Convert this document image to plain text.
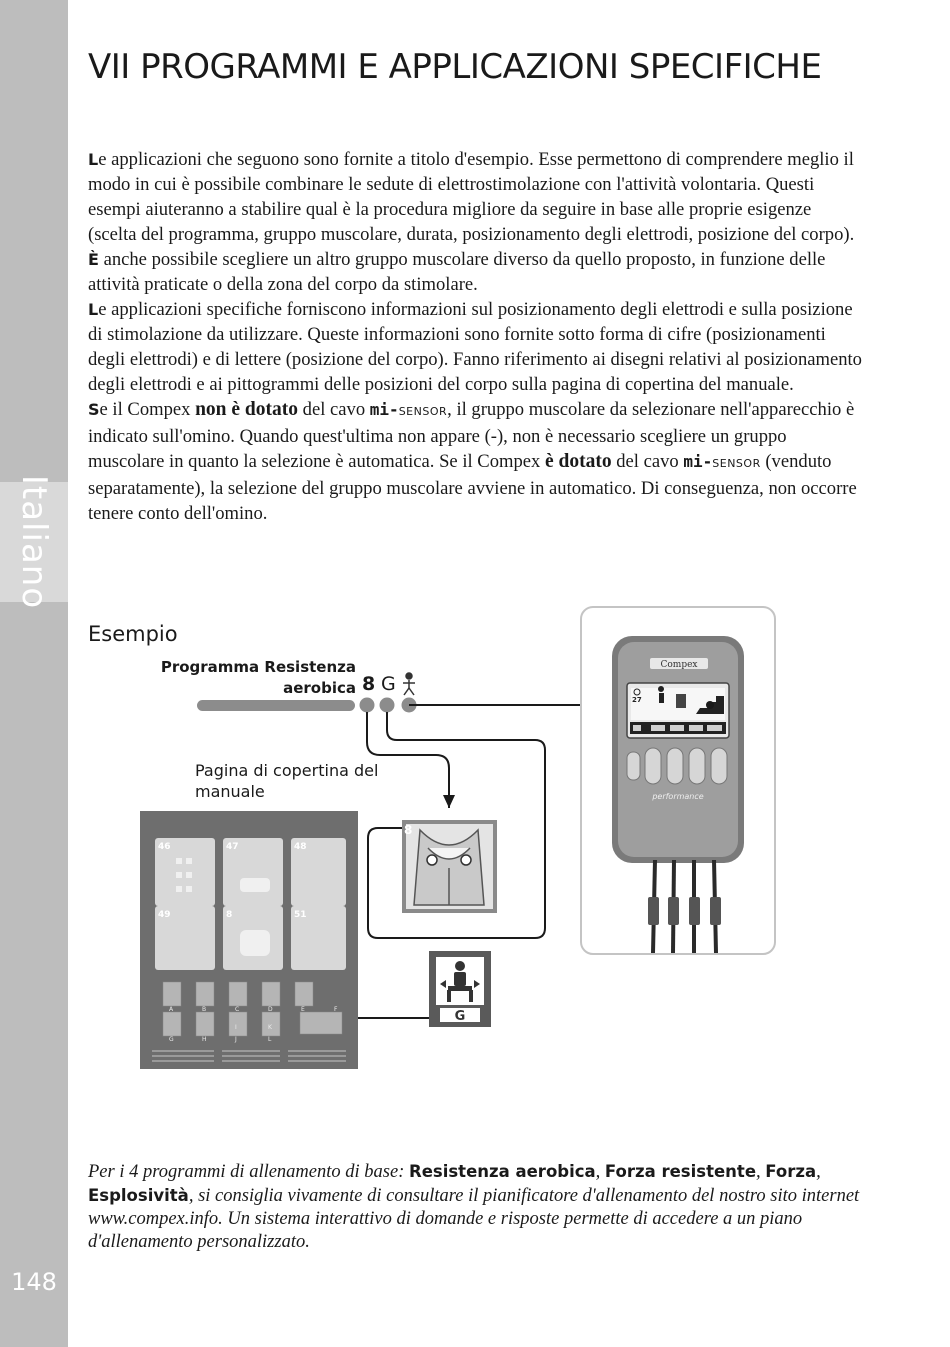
Italiano
148
VII PROGRAMMI E APPLICAZIONI SPECIFICHE

Le applicazioni che seguono sono fornite a titolo d'esempio. Esse permettono di comprendere meglio il modo in cui è possibile combinare le sedute di elettrostimolazione con l'attività volontaria. Questi esempi aiuteranno a stabilire qual è la procedura migliore da seguire in base alle proprie esigenze (scelta del programma, gruppo muscolare, durata, posizionamento degli elettrodi, posizione del corpo).

È anche possibile scegliere un altro gruppo muscolare diverso da quello proposto, in funzione delle attività praticate o della zona del corpo da stimolare.

Le applicazioni specifiche forniscono informazioni sul posizionamento degli elettrodi e sulla posizione di stimolazione da utilizzare. Queste informazioni sono fornite sotto forma di cifre (posizionamenti degli elettrodi) e di lettere (posizione del corpo). Fanno riferimento ai disegni relativi al posizionamento degli elettrodi e ai pittogrammi delle posizioni del corpo sulla pagina di copertina del manuale.

Se il Compex non è dotato del cavo mi-SENSOR, il gruppo muscolare da selezionare nell'apparecchio è indicato sull'omino. Quando quest'ultima non appare (-), non è necessario scegliere un gruppo muscolare in quanto la selezione è automatica. Se il Compex è dotato del cavo mi-SENSOR (venduto separatamente), la selezione del gruppo muscolare avviene in automatico. Di conseguenza, non occorre tenere conto dell'omino.

Esempio
Programma Resistenza
aerobica 8 G
Pagina di copertina del manuale
46	47	48
49	8	51
A	B	C	D	E	F
G	H
I
J
K
L
8
G
Compex
27
performance
Per i 4 programmi di allenamento di base: Resistenza aerobica, Forza resistente, Forza, Esplosività, si consiglia vivamente di consultare il pianificatore d'allenamento del nostro sito internet www.compex.info. Un sistema interattivo di domande e risposte permette di accedere a un piano d'allenamento personalizzato.
